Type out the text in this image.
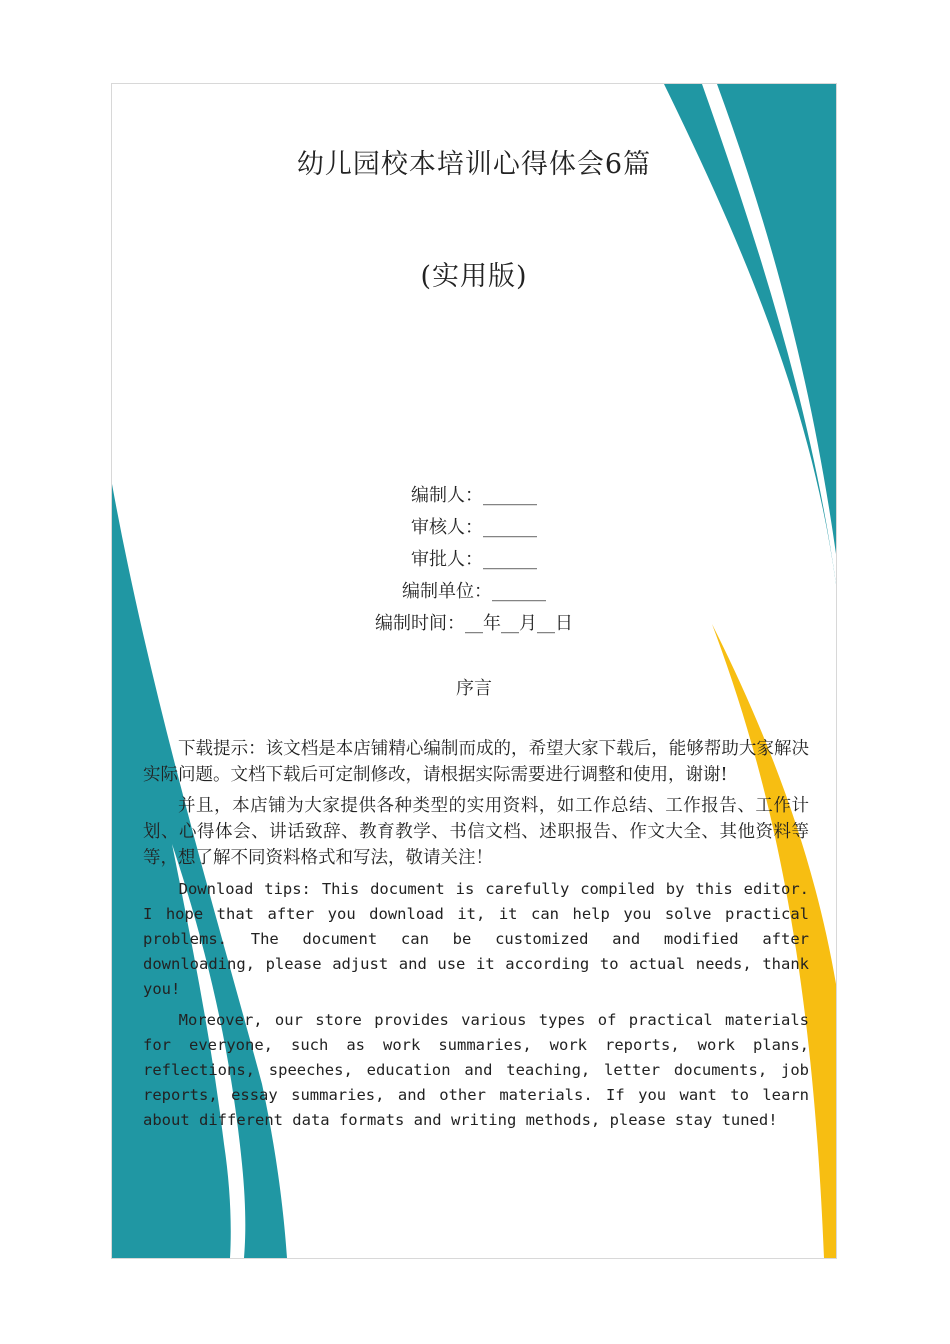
幼儿园校本培训心得体会6篇
(实用版)
编制人：______
审核人：______
审批人：______
编制单位：______
编制时间：__年__月__日
序言

下载提示：该文档是本店铺精心编制而成的，希望大家下载后，能够帮助大家解决实际问题。文档下载后可定制修改，请根据实际需要进行调整和使用，谢谢!

并且，本店铺为大家提供各种类型的实用资料，如工作总结、工作报告、工作计划、心得体会、讲话致辞、教育教学、书信文档、述职报告、作文大全、其他资料等等，想了解不同资料格式和写法，敬请关注！

Download tips: This document is carefully compiled by this editor. I hope that after you download it, it can help you solve practical problems. The document can be customized and modified after downloading, please adjust and use it according to actual needs, thank you!

Moreover, our store provides various types of practical materials for everyone, such as work summaries, work reports, work plans, reflections, speeches, education and teaching, letter documents, job reports, essay summaries, and other materials. If you want to learn about different data formats and writing methods, please stay tuned!
